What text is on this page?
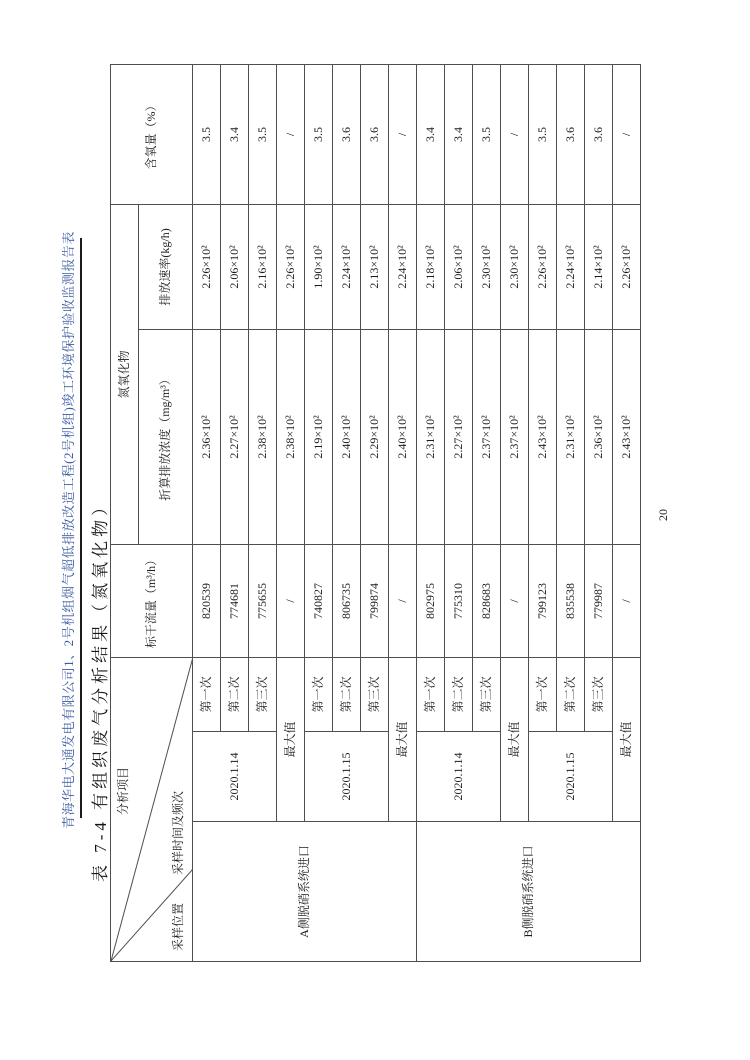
青海华电大通发电有限公司1、2号机组烟气超低排放改造工程(2号机组)竣工环境保护验收监测报告表 表 7-4 有组织废气分析结果（氮氧化物） 分析项目 采样时间及频次
采样位置			标干流量（m³/h）	氮氧化物		含氧量（%）
				折算排放浓度（mg/m³）	排放速率(kg/h)	
A侧脱硝系统进口	2020.1.14	第一次	820539	2.36×10²	2.26×10²	3.5
		第二次	774681	2.27×10²	2.06×10²	3.4
		第三次	775655	2.38×10²	2.16×10²	3.5
	最大值		/	2.38×10²	2.26×10²	/
	2020.1.15	第一次	740827	2.19×10²	1.90×10²	3.5
		第二次	806735	2.40×10²	2.24×10²	3.6
		第三次	799874	2.29×10²	2.13×10²	3.6
	最大值		/	2.40×10²	2.24×10²	/
B侧脱硝系统进口	2020.1.14	第一次	802975	2.31×10²	2.18×10²	3.4
		第二次	775310	2.27×10²	2.06×10²	3.4
		第三次	828683	2.37×10²	2.30×10²	3.5
	最大值		/	2.37×10²	2.30×10²	/
	2020.1.15	第一次	799123	2.43×10²	2.26×10²	3.5
		第二次	835538	2.31×10²	2.24×10²	3.6
		第三次	779987	2.36×10²	2.14×10²	3.6
	最大值		/	2.43×10²	2.26×10²	/
20
